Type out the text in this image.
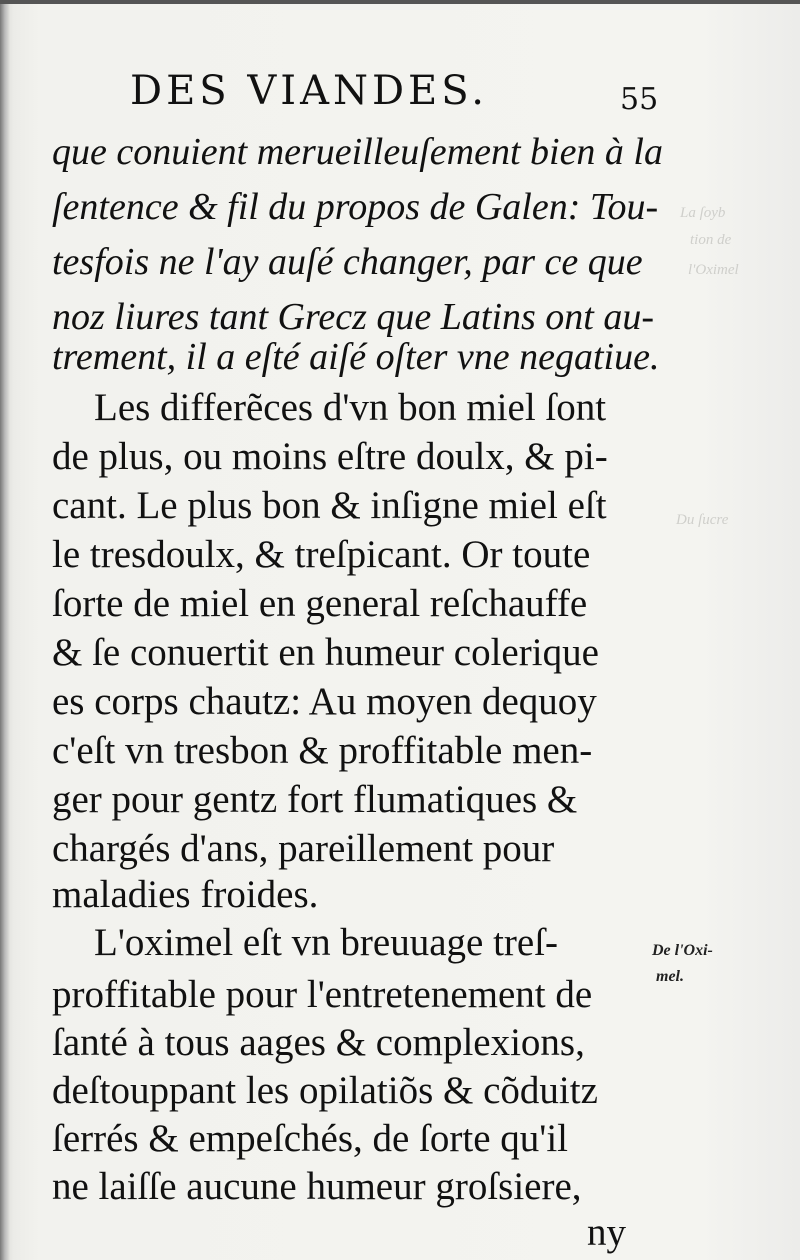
La ſoyb
tion de
l'Oximel
Du ſucre
DES VIANDES.	55
que conuient merueilleuſement bien à la
ſentence & fil du propos de Galen: Tou-
tesfois ne l'ay auſé changer, par ce que
noz liures tant Grecz que Latins ont au-
trement, il a eſté aiſé oſter vne negatiue.
Les differẽces d'vn bon miel ſont
de plus, ou moins eſtre doulx, & pi-
cant. Le plus bon & inſigne miel eſt
le tresdoulx, & treſpicant. Or toute
ſorte de miel en general reſchauffe
& ſe conuertit en humeur colerique
es corps chautz: Au moyen dequoy
c'eſt vn tresbon & proffitable men-
ger pour gentz fort flumatiques &
chargés d'ans, pareillement pour
maladies froides.
L'oximel eſt vn breuuage treſ-
proffitable pour l'entretenement de
ſanté à tous aages & complexions,
deſtouppant les opilatiõs & cõduitz
ſerrés & empeſchés, de ſorte qu'il
ne laiſſe aucune humeur groſsiere,
ny
De l'Oxi-
mel.
